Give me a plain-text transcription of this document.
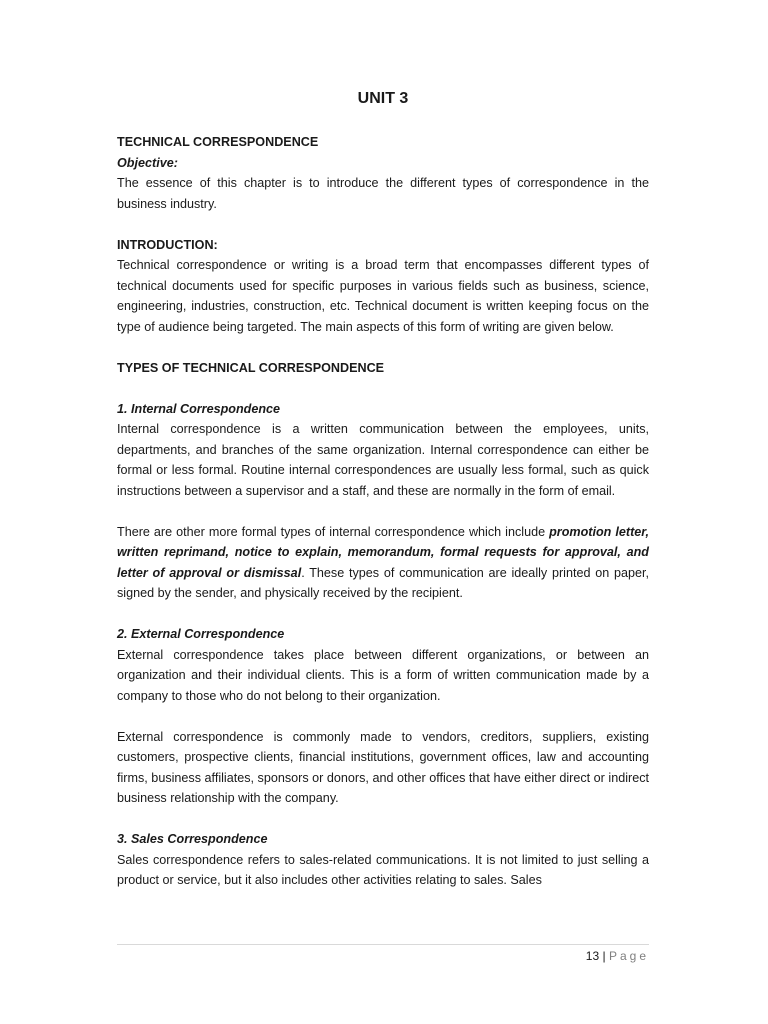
UNIT 3

TECHNICAL CORRESPONDENCE

Objective:

The essence of this chapter is to introduce the different types of correspondence in the business industry.

INTRODUCTION:

Technical correspondence or writing is a broad term that encompasses different types of technical documents used for specific purposes in various fields such as business, science, engineering, industries, construction, etc. Technical document is written keeping focus on the type of audience being targeted. The main aspects of this form of writing are given below.

TYPES OF TECHNICAL CORRESPONDENCE

1. Internal Correspondence

Internal correspondence is a written communication between the employees, units, departments, and branches of the same organization. Internal correspondence can either be formal or less formal. Routine internal correspondences are usually less formal, such as quick instructions between a supervisor and a staff, and these are normally in the form of email.

There are other more formal types of internal correspondence which include promotion letter, written reprimand, notice to explain, memorandum, formal requests for approval, and letter of approval or dismissal. These types of communication are ideally printed on paper, signed by the sender, and physically received by the recipient.

2. External Correspondence

External correspondence takes place between different organizations, or between an organization and their individual clients. This is a form of written communication made by a company to those who do not belong to their organization.

External correspondence is commonly made to vendors, creditors, suppliers, existing customers, prospective clients, financial institutions, government offices, law and accounting firms, business affiliates, sponsors or donors, and other offices that have either direct or indirect business relationship with the company.

3. Sales Correspondence

Sales correspondence refers to sales-related communications. It is not limited to just selling a product or service, but it also includes other activities relating to sales. Sales

13 | Page
